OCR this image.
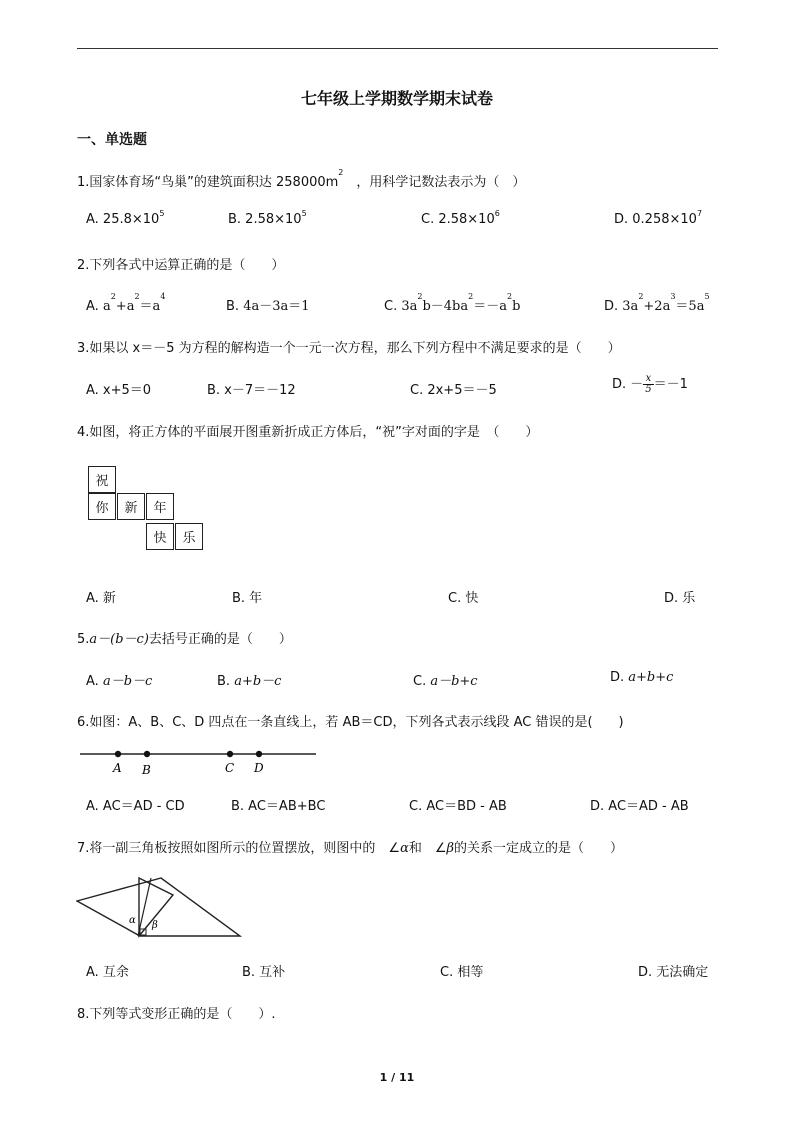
七年级上学期数学期末试卷
一、单选题
1.国家体育场“鸟巢”的建筑面积达 $258000m^2$　，用科学记数法表示为（　）
A. $25.8\times 10^5$	B. $2.58\times 10^5$	C. $2.58\times 10^6$	D. $0.258\times 10^7$
2.下列各式中运算正确的是（　　）
A. $a^2+a^2=a^4$
B. 4a－3a＝1	C. $3a^2b-4ba^2=-a^2b$	D. $3a^2+2a^3=5a^5$
3.如果以 x＝－5 为方程的解构造一个一元一次方程，那么下列方程中不满足要求的是（　　）
A. x+5＝0	B. x－7＝－12	C. 2x+5＝－5	D. － $\frac{x}{5} =-1$
4.如图，将正方体的平面展开图重新折成正方体后，“祝”字对面的字是　（　　）
祝
你	新	年
快	乐
A. 新	B. 年	C. 快	D. 乐
5.a－(b－c)去括号正确的是（　　）
A. a－b－c	B. a+b－c	C. a－b+c	D. a+b+c
6.如图：A、B、C、D 四点在一条直线上，若 AB＝CD，下列各式表示线段 AC 错误的是(　　)
A B	C D
A. AC＝AD - CD	B. AC＝AB+BC	C. AC＝BD - AB	D. AC＝AD - AB
7.将一副三角板按照如图所示的位置摆放，则图中的　∠α和　∠β的关系一定成立的是（　　）
α β
A. 互余	B. 互补	C. 相等	D. 无法确定
8.下列等式变形正确的是（　　）.
1 / 11
